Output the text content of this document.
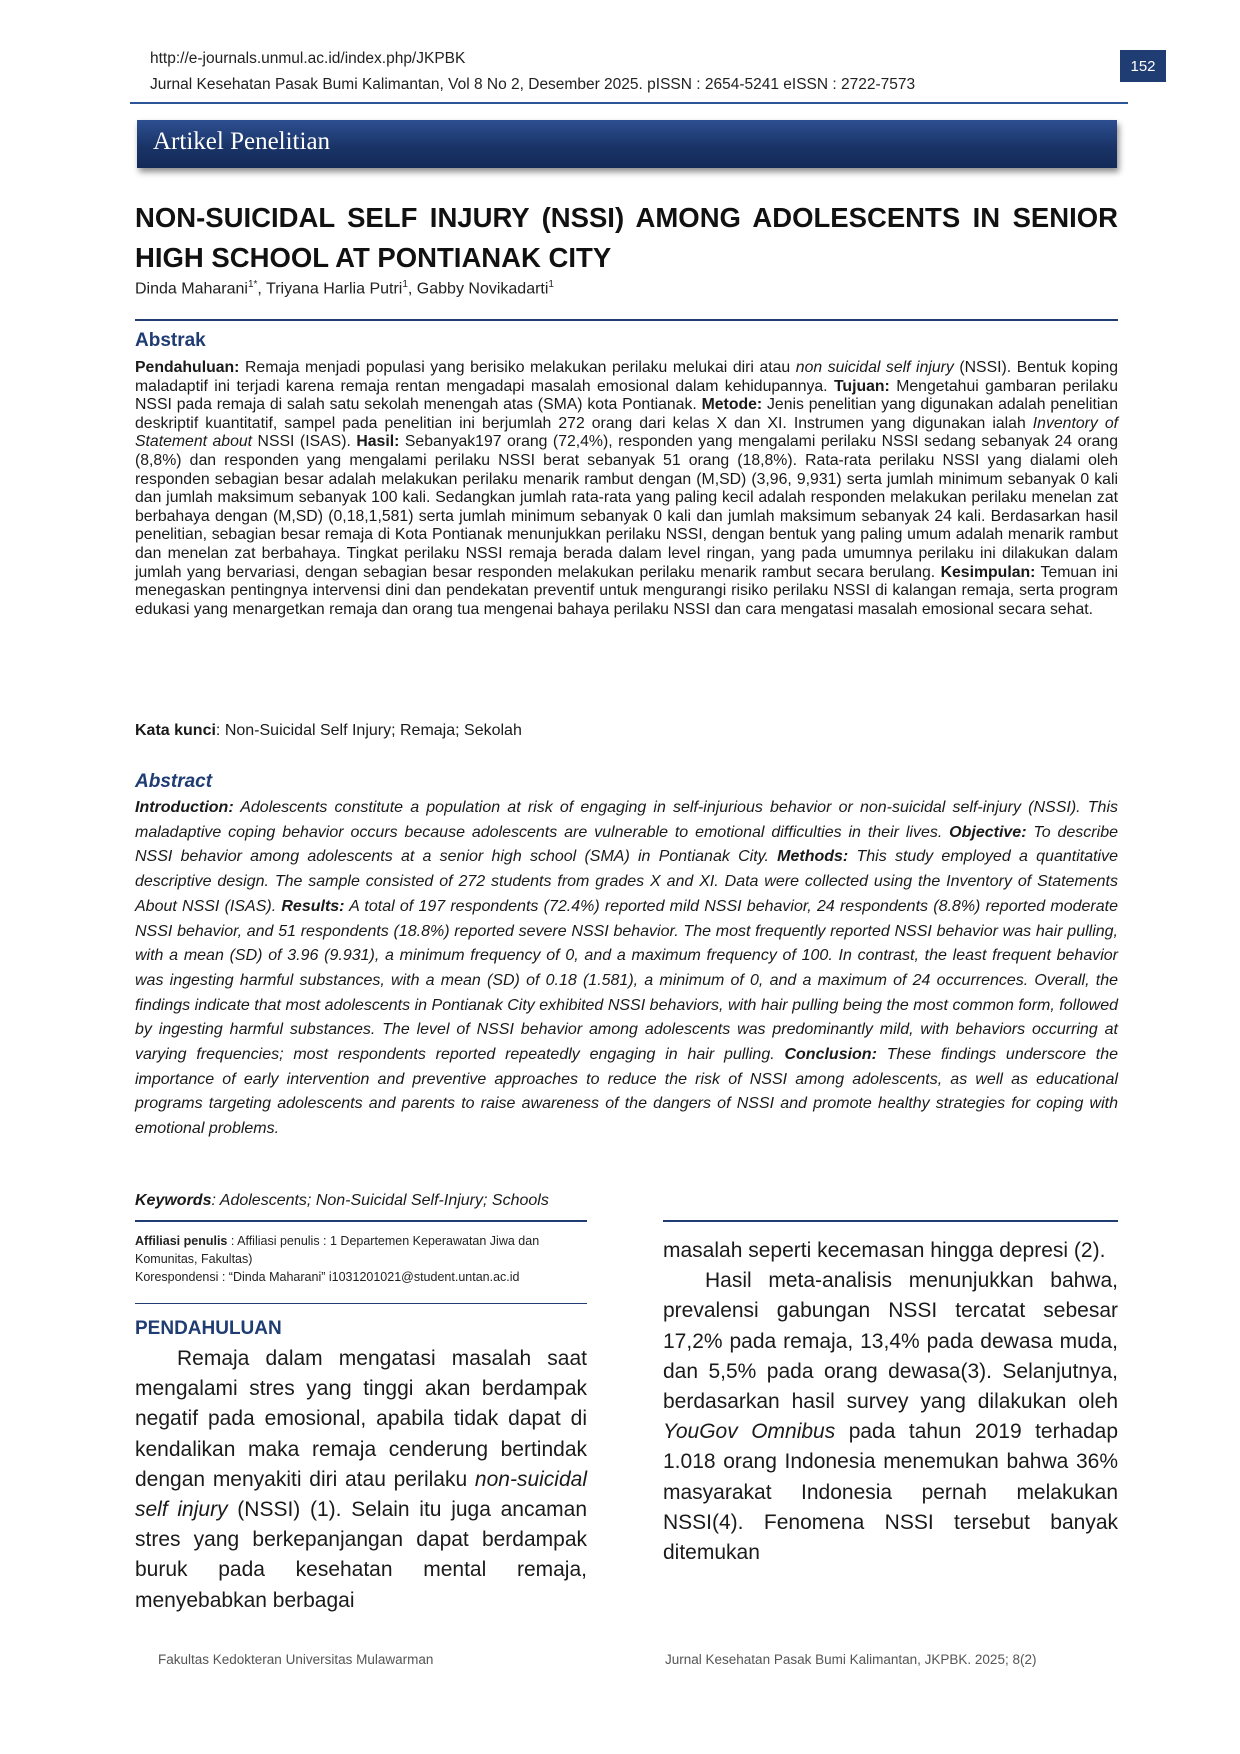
http://e-journals.unmul.ac.id/index.php/JKPBK
Jurnal Kesehatan Pasak Bumi Kalimantan, Vol 8 No 2, Desember 2025. pISSN : 2654-5241 eISSN : 2722-7573
152
Artikel Penelitian
NON-SUICIDAL SELF INJURY (NSSI) AMONG ADOLESCENTS IN SENIOR HIGH SCHOOL AT PONTIANAK CITY
Dinda Maharani$^{1*}$, Triyana Harlia Putri$^1$, Gabby Novikadarti$^1$
Abstrak
Pendahuluan: Remaja menjadi populasi yang berisiko melakukan perilaku melukai diri atau non suicidal self injury (NSSI). Bentuk koping maladaptif ini terjadi karena remaja rentan mengadapi masalah emosional dalam kehidupannya. Tujuan: Mengetahui gambaran perilaku NSSI pada remaja di salah satu sekolah menengah atas (SMA) kota Pontianak. Metode: Jenis penelitian yang digunakan adalah penelitian deskriptif kuantitatif, sampel pada penelitian ini berjumlah 272 orang dari kelas X dan XI. Instrumen yang digunakan ialah Inventory of Statement about NSSI (ISAS). Hasil: Sebanyak197 orang (72,4%), responden yang mengalami perilaku NSSI sedang sebanyak 24 orang (8,8%) dan responden yang mengalami perilaku NSSI berat sebanyak 51 orang (18,8%). Rata-rata perilaku NSSI yang dialami oleh responden sebagian besar adalah melakukan perilaku menarik rambut dengan (M,SD) (3,96, 9,931) serta jumlah minimum sebanyak 0 kali dan jumlah maksimum sebanyak 100 kali. Sedangkan jumlah rata-rata yang paling kecil adalah responden melakukan perilaku menelan zat berbahaya dengan (M,SD) (0,18,1,581) serta jumlah minimum sebanyak 0 kali dan jumlah maksimum sebanyak 24 kali. Berdasarkan hasil penelitian, sebagian besar remaja di Kota Pontianak menunjukkan perilaku NSSI, dengan bentuk yang paling umum adalah menarik rambut dan menelan zat berbahaya. Tingkat perilaku NSSI remaja berada dalam level ringan, yang pada umumnya perilaku ini dilakukan dalam jumlah yang bervariasi, dengan sebagian besar responden melakukan perilaku menarik rambut secara berulang. Kesimpulan: Temuan ini menegaskan pentingnya intervensi dini dan pendekatan preventif untuk mengurangi risiko perilaku NSSI di kalangan remaja, serta program edukasi yang menargetkan remaja dan orang tua mengenai bahaya perilaku NSSI dan cara mengatasi masalah emosional secara sehat.
Kata kunci: Non-Suicidal Self Injury; Remaja; Sekolah
Abstract
Introduction: Adolescents constitute a population at risk of engaging in self-injurious behavior or non-suicidal self-injury (NSSI). This maladaptive coping behavior occurs because adolescents are vulnerable to emotional difficulties in their lives. Objective: To describe NSSI behavior among adolescents at a senior high school (SMA) in Pontianak City. Methods: This study employed a quantitative descriptive design. The sample consisted of 272 students from grades X and XI. Data were collected using the Inventory of Statements About NSSI (ISAS). Results: A total of 197 respondents (72.4%) reported mild NSSI behavior, 24 respondents (8.8%) reported moderate NSSI behavior, and 51 respondents (18.8%) reported severe NSSI behavior. The most frequently reported NSSI behavior was hair pulling, with a mean (SD) of 3.96 (9.931), a minimum frequency of 0, and a maximum frequency of 100. In contrast, the least frequent behavior was ingesting harmful substances, with a mean (SD) of 0.18 (1.581), a minimum of 0, and a maximum of 24 occurrences. Overall, the findings indicate that most adolescents in Pontianak City exhibited NSSI behaviors, with hair pulling being the most common form, followed by ingesting harmful substances. The level of NSSI behavior among adolescents was predominantly mild, with behaviors occurring at varying frequencies; most respondents reported repeatedly engaging in hair pulling. Conclusion: These findings underscore the importance of early intervention and preventive approaches to reduce the risk of NSSI among adolescents, as well as educational programs targeting adolescents and parents to raise awareness of the dangers of NSSI and promote healthy strategies for coping with emotional problems.
Keywords: Adolescents; Non-Suicidal Self-Injury; Schools
Affiliasi penulis : Affiliasi penulis : 1 Departemen Keperawatan Jiwa dan Komunitas, Fakultas)
Korespondensi : “Dinda Maharani” i1031201021@student.untan.ac.id
PENDAHULUAN

Remaja dalam mengatasi masalah saat mengalami stres yang tinggi akan berdampak negatif pada emosional, apabila tidak dapat di kendalikan maka remaja cenderung bertindak dengan menyakiti diri atau perilaku non-suicidal self injury (NSSI) (1). Selain itu juga ancaman stres yang berkepanjangan dapat berdampak buruk pada kesehatan mental remaja, menyebabkan berbagai

masalah seperti kecemasan hingga depresi (2).

Hasil meta-analisis menunjukkan bahwa, prevalensi gabungan NSSI tercatat sebesar 17,2% pada remaja, 13,4% pada dewasa muda, dan 5,5% pada orang dewasa(3). Selanjutnya, berdasarkan hasil survey yang dilakukan oleh YouGov Omnibus pada tahun 2019 terhadap 1.018 orang Indonesia menemukan bahwa 36% masyarakat Indonesia pernah melakukan NSSI(4). Fenomena NSSI tersebut banyak ditemukan

Fakultas Kedokteran Universitas Mulawarman	Jurnal Kesehatan Pasak Bumi Kalimantan, JKPBK. 2025; 8(2)
